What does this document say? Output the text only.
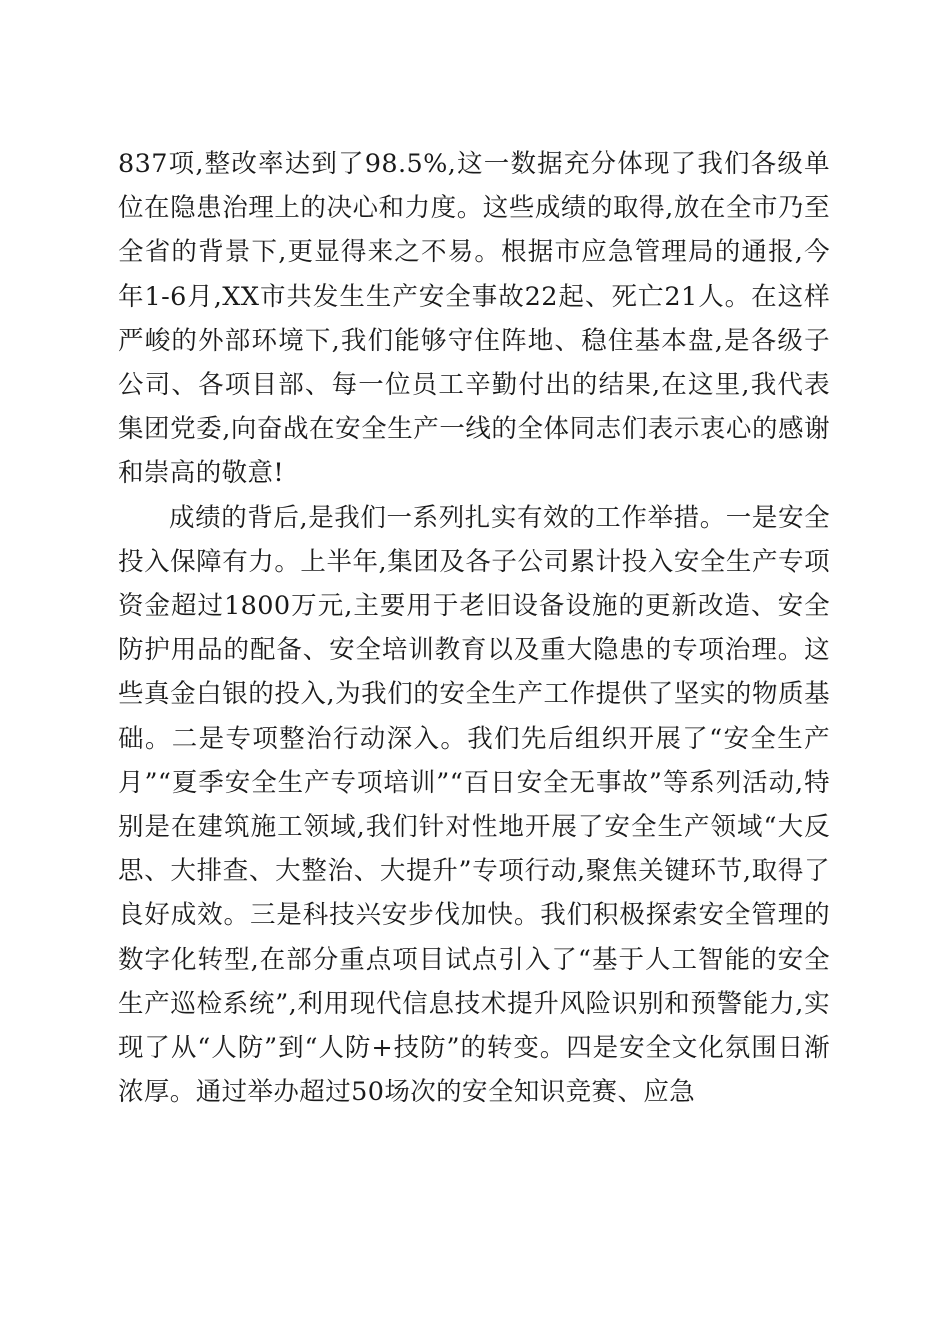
837项,整改率达到了98.5%,这一数据充分体现了我们各级单位在隐患治理上的决心和力度。这些成绩的取得,放在全市乃至全省的背景下,更显得来之不易。根据市应急管理局的通报,今年1-6月,XX市共发生生产安全事故22起、死亡21人。在这样严峻的外部环境下,我们能够守住阵地、稳住基本盘,是各级子公司、各项目部、每一位员工辛勤付出的结果,在这里,我代表集团党委,向奋战在安全生产一线的全体同志们表示衷心的感谢和崇高的敬意!

成绩的背后,是我们一系列扎实有效的工作举措。一是安全投入保障有力。上半年,集团及各子公司累计投入安全生产专项资金超过1800万元,主要用于老旧设备设施的更新改造、安全防护用品的配备、安全培训教育以及重大隐患的专项治理。这些真金白银的投入,为我们的安全生产工作提供了坚实的物质基础。二是专项整治行动深入。我们先后组织开展了“安全生产月”“夏季安全生产专项培训”“百日安全无事故”等系列活动,特别是在建筑施工领域,我们针对性地开展了安全生产领域“大反思、大排查、大整治、大提升”专项行动,聚焦关键环节,取得了良好成效。三是科技兴安步伐加快。我们积极探索安全管理的数字化转型,在部分重点项目试点引入了“基于人工智能的安全生产巡检系统”,利用现代信息技术提升风险识别和预警能力,实现了从“人防”到“人防+技防”的转变。四是安全文化氛围日渐浓厚。通过举办超过50场次的安全知识竞赛、应急
